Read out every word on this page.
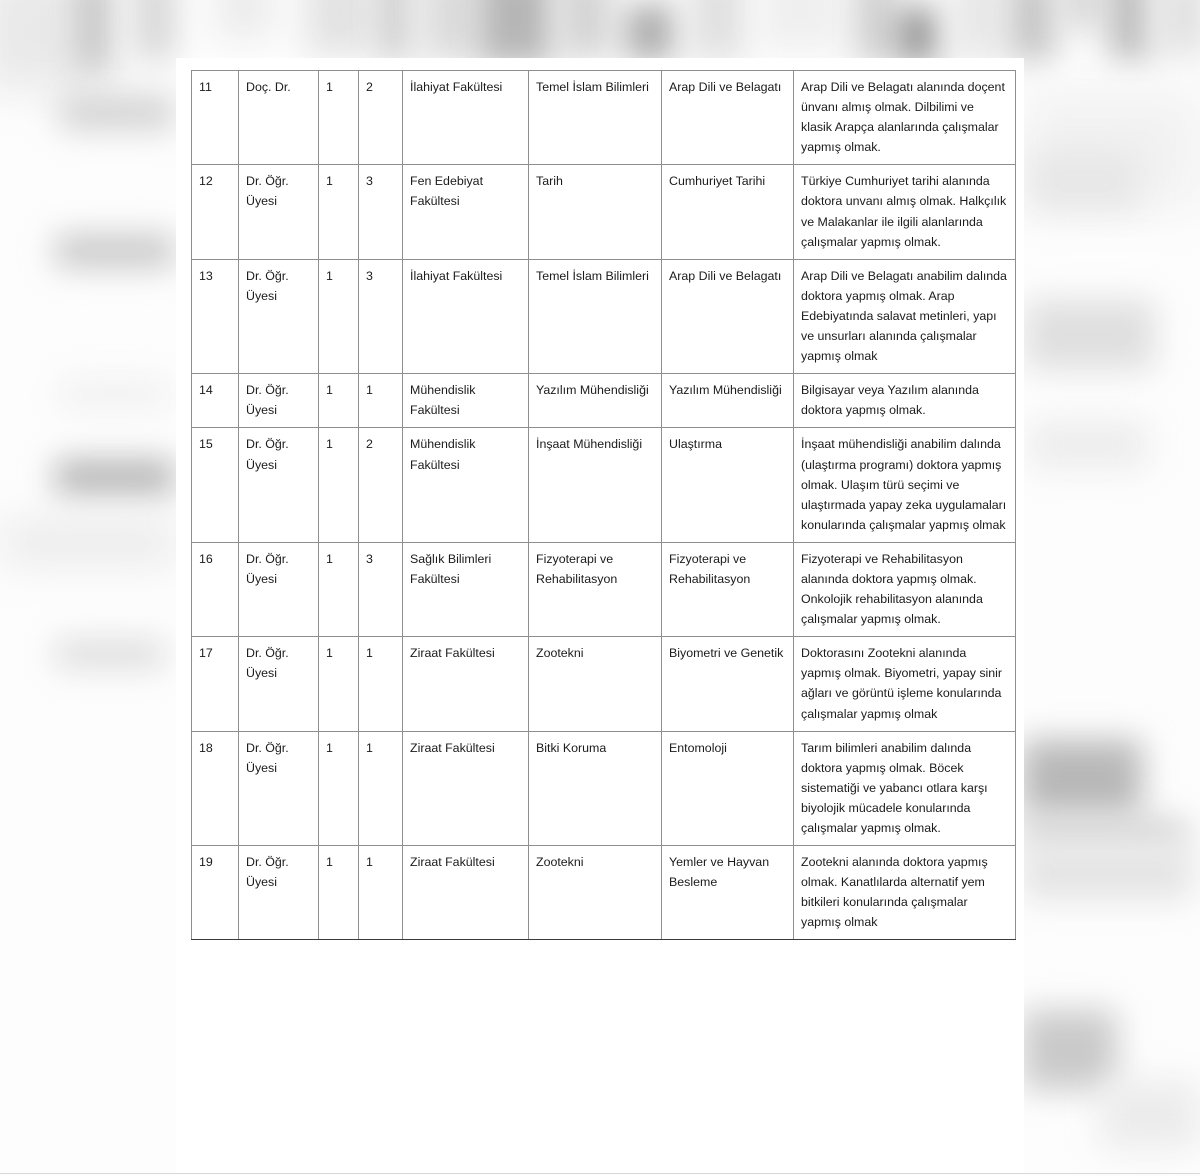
11	Doç. Dr.	1	2	İlahiyat Fakültesi	Temel İslam Bilimleri	Arap Dili ve Belagatı	Arap Dili ve Belagatı alanında doçent ünvanı almış olmak. Dilbilimi ve klasik Arapça alanlarında çalışmalar yapmış olmak.

12	Dr. Öğr. Üyesi	1	3	Fen Edebiyat Fakültesi	Tarih	Cumhuriyet Tarihi	Türkiye Cumhuriyet tarihi alanında doktora unvanı almış olmak. Halkçılık ve Malakanlar ile ilgili alanlarında çalışmalar yapmış olmak.

13	Dr. Öğr. Üyesi	1	3	İlahiyat Fakültesi	Temel İslam Bilimleri	Arap Dili ve Belagatı	Arap Dili ve Belagatı anabilim dalında doktora yapmış olmak. Arap Edebiyatında salavat metinleri, yapı ve unsurları alanında çalışmalar yapmış olmak

14	Dr. Öğr. Üyesi	1	1	Mühendislik Fakültesi	Yazılım Mühendisliği	Yazılım Mühendisliği	Bilgisayar veya Yazılım alanında doktora yapmış olmak.

15	Dr. Öğr. Üyesi	1	2	Mühendislik Fakültesi	İnşaat Mühendisliği	Ulaştırma	İnşaat mühendisliği anabilim dalında (ulaştırma programı) doktora yapmış olmak. Ulaşım türü seçimi ve ulaştırmada yapay zeka uygulamaları konularında çalışmalar yapmış olmak

16	Dr. Öğr. Üyesi	1	3	Sağlık Bilimleri Fakültesi	Fizyoterapi ve Rehabilitasyon	Fizyoterapi ve Rehabilitasyon	Fizyoterapi ve Rehabilitasyon alanında doktora yapmış olmak. Onkolojik rehabilitasyon alanında çalışmalar yapmış olmak.

17	Dr. Öğr. Üyesi	1	1	Ziraat Fakültesi	Zootekni	Biyometri ve Genetik	Doktorasını Zootekni alanında yapmış olmak. Biyometri, yapay sinir ağları ve görüntü işleme konularında çalışmalar yapmış olmak

18	Dr. Öğr. Üyesi	1	1	Ziraat Fakültesi	Bitki Koruma	Entomoloji	Tarım bilimleri anabilim dalında doktora yapmış olmak. Böcek sistematiği ve yabancı otlara karşı biyolojik mücadele konularında çalışmalar yapmış olmak.

19	Dr. Öğr. Üyesi	1	1	Ziraat Fakültesi	Zootekni	Yemler ve Hayvan Besleme	Zootekni alanında doktora yapmış olmak. Kanatlılarda alternatif yem bitkileri konularında çalışmalar yapmış olmak
